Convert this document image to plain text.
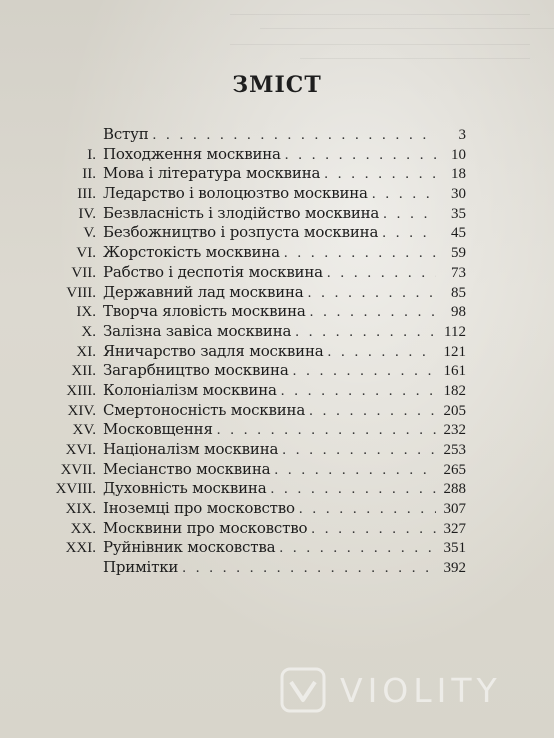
ЗМІСТ
Вступ . . .	3
I. Походження москвина . . .	10
II. Мова і література москвина . . .	18
III. Ледарство і волоцюзтво москвина . . .	30
IV. Безвласність і злодійство москвина . . .	35
V. Безбожництво і розпуста москвина . . .	45
VI. Жорстокість москвина . . .	59
VII. Рабство і деспотія москвина . . .	73
VIII. Державний лад москвина . . .	85
IX. Творча яловість москвина . . .	98
X. Залізна завіса москвина . . .	112
XI. Яничарство задля москвина . . .	121
XII. Загарбництво москвина . . .	161
XIII. Колоніалізм москвина . . .	182
XIV. Смертоносність москвина . . .	205
XV. Московщення . . .	232
XVI. Націоналізм москвина . . .	253
XVII. Месіанство москвина . . .	265
XVIII. Духовність москвина . . .	288
XIX. Іноземці про московство . . .	307
XX. Москвини про московство . . .	327
XXI. Руйнівник московства . . .	351
Примітки . . .	392
VIOLITY
